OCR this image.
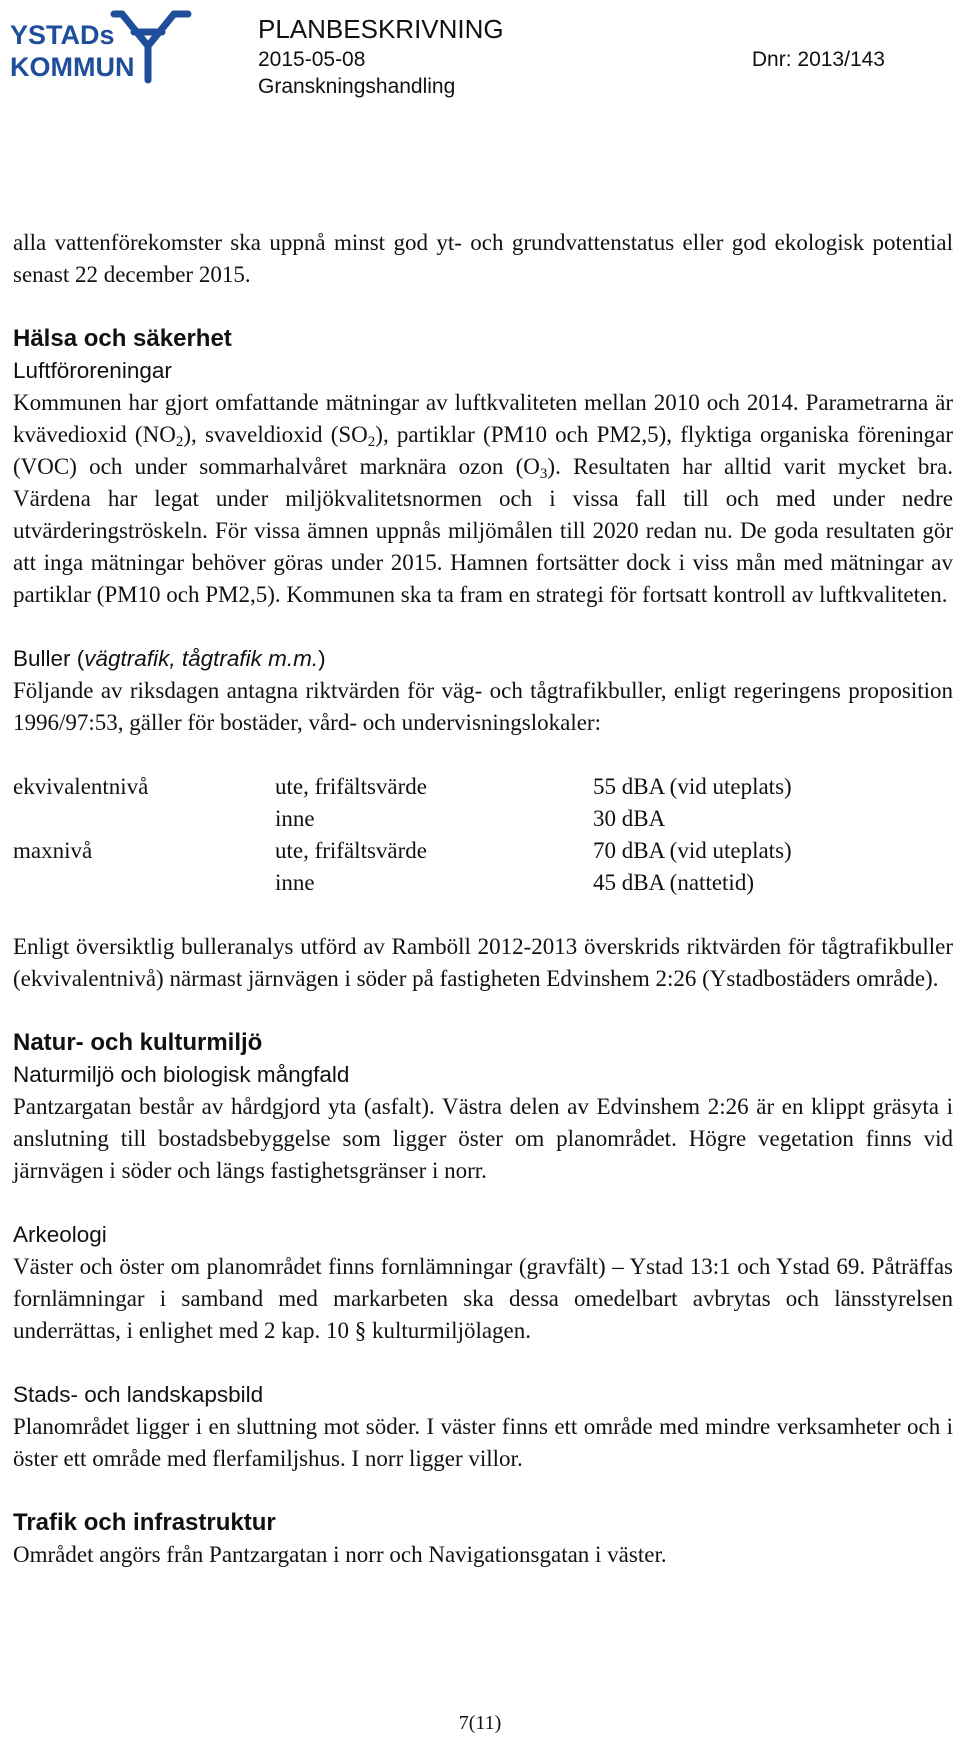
YSTADs
KOMMUN
PLANBESKRIVNING
2015-05-08	Dnr: 2013/143
Granskningshandling

alla vattenförekomster ska uppnå minst god yt- och grundvattenstatus eller god ekologisk potential senast 22 december 2015.

Hälsa och säkerhet
Luftföroreningar

Kommunen har gjort omfattande mätningar av luftkvaliteten mellan 2010 och 2014. Parametrarna är kvävedioxid $(NO_2)$, svaveldioxid $(SO_2)$, partiklar (PM10 och PM2,5), flyktiga organiska föreningar (VOC) och under sommarhalvåret marknära ozon $(O_3)$. Resultaten har alltid varit mycket bra. Värdena har legat under miljökvalitetsnormen och i vissa fall till och med under nedre utvärderingströskeln. För vissa ämnen uppnås miljömålen till 2020 redan nu. De goda resultaten gör att inga mätningar behöver göras under 2015. Hamnen fortsätter dock i viss mån med mätningar av partiklar (PM10 och PM2,5). Kommunen ska ta fram en strategi för fortsatt kontroll av luftkvaliteten.

Buller (vägtrafik, tågtrafik m.m.)

Följande av riksdagen antagna riktvärden för väg- och tågtrafikbuller, enligt regeringens proposition 1996/97:53, gäller för bostäder, vård- och undervisningslokaler:

ekvivalentnivå	ute, frifältsvärde	55 dBA (vid uteplats)
	inne	30 dBA
maxnivå	ute, frifältsvärde	70 dBA (vid uteplats)
	inne	45 dBA (nattetid)

Enligt översiktlig bulleranalys utförd av Ramböll 2012-2013 överskrids riktvärden för tågtrafikbuller (ekvivalentnivå) närmast järnvägen i söder på fastigheten Edvinshem 2:26 (Ystadbostäders område).

Natur- och kulturmiljö
Naturmiljö och biologisk mångfald

Pantzargatan består av hårdgjord yta (asfalt). Västra delen av Edvinshem 2:26 är en klippt gräsyta i anslutning till bostadsbebyggelse som ligger öster om planområdet. Högre vegetation finns vid järnvägen i söder och längs fastighetsgränser i norr.

Arkeologi

Väster och öster om planområdet finns fornlämningar (gravfält) – Ystad 13:1 och Ystad 69. Påträffas fornlämningar i samband med markarbeten ska dessa omedelbart avbrytas och länsstyrelsen underrättas, i enlighet med 2 kap. 10 § kulturmiljölagen.

Stads- och landskapsbild

Planområdet ligger i en sluttning mot söder. I väster finns ett område med mindre verksamheter och i öster ett område med flerfamiljshus. I norr ligger villor.

Trafik och infrastruktur

Området angörs från Pantzargatan i norr och Navigationsgatan i väster.

7(11)
